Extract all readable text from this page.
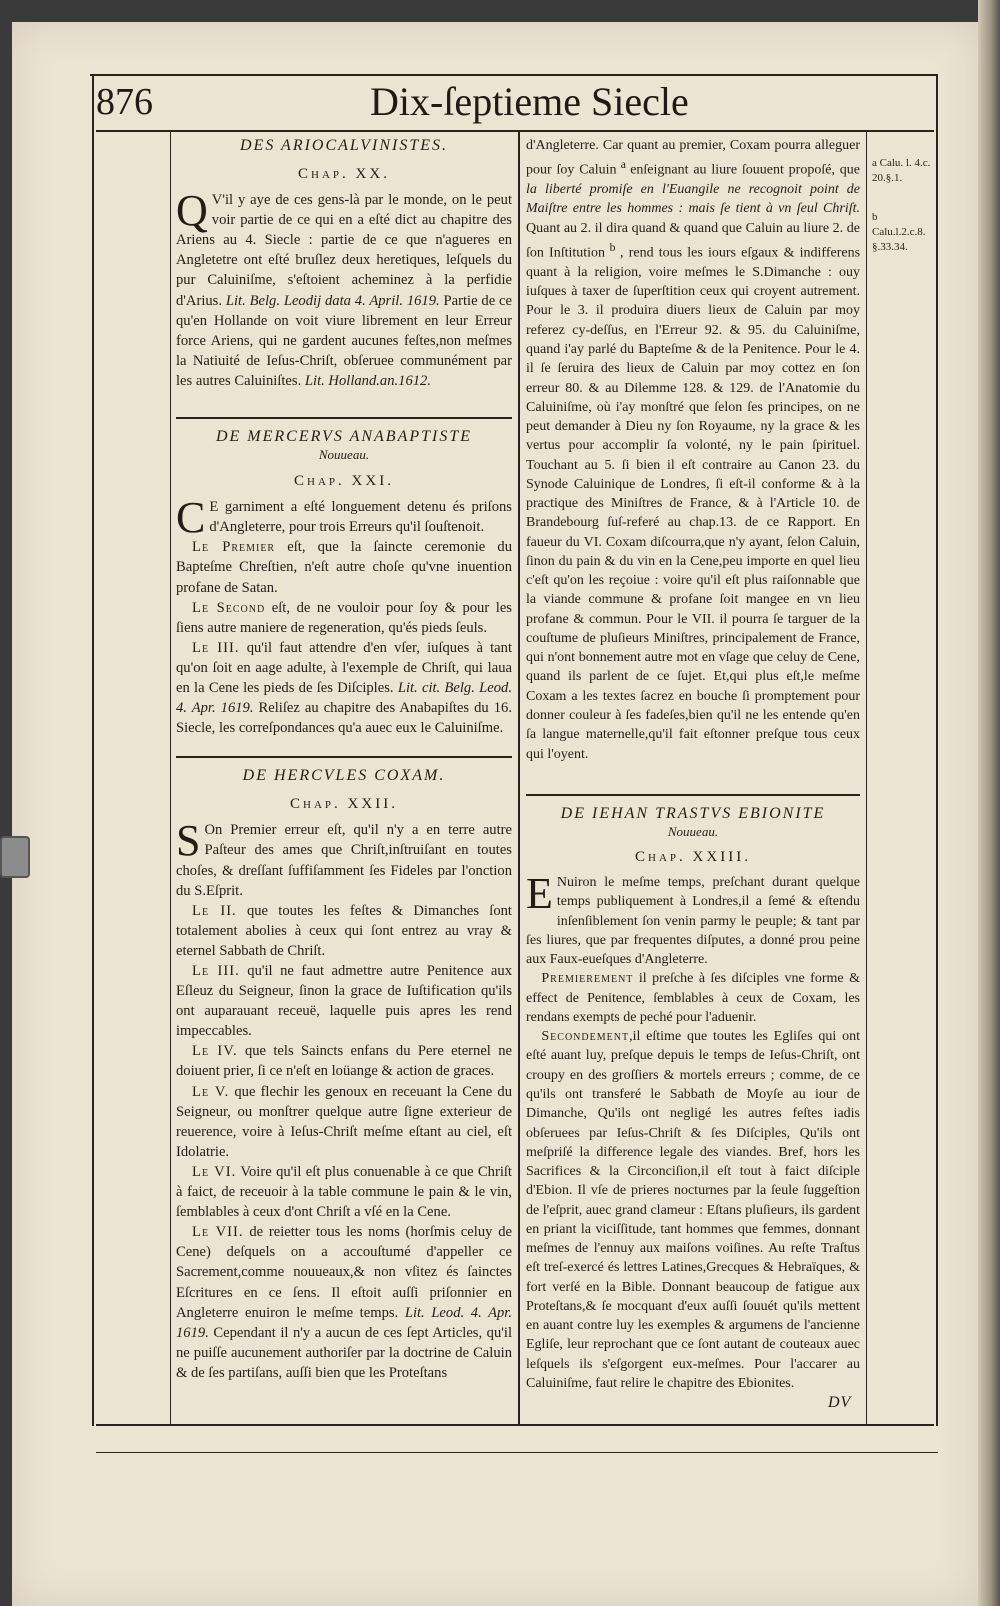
876	Dix-ſeptieme Siecle
DES ARIOCALVINISTES.
Chap. XX.

Q V'il y aye de ces gens-là par le monde, on le peut voir partie de ce qui en a eſté dict au chapitre des Ariens au 4. Siecle : partie de ce que n'agueres en Angletetre ont eſté bruſlez deux heretiques, leſquels du pur Caluiniſme, s'eſtoient acheminez à la perfidie d'Arius. Lit. Belg. Leodij data 4. April. 1619. Partie de ce qu'en Hollande on voit viure librement en leur Erreur force Ariens, qui ne gardent aucunes feſtes,non meſmes la Natiuité de Ieſus-Chriſt, obſeruee communément par les autres Caluiniſtes. Lit. Holland.an.1612.

DE MERCERVS ANABAPTISTE
Nouueau.
Chap. XXI.

C E garniment a eſté longuement detenu és priſons d'Angleterre, pour trois Erreurs qu'il ſouſtenoit.

Le Premier eſt, que la ſaincte ceremonie du Bapteſme Chreſtien, n'eſt autre choſe qu'vne inuention profane de Satan.

Le Second eſt, de ne vouloir pour ſoy & pour les ſiens autre maniere de regeneration, qu'és pieds ſeuls.

Le III. qu'il faut attendre d'en vſer, iuſques à tant qu'on ſoit en aage adulte, à l'exemple de Chriſt, qui laua en la Cene les pieds de ſes Diſciples. Lit. cit. Belg. Leod. 4. Apr. 1619. Reliſez au chapitre des Anabapiſtes du 16. Siecle, les correſpondances qu'a auec eux le Caluiniſme.

DE HERCVLES COXAM.
Chap. XXII.

S On Premier erreur eſt, qu'il n'y a en terre autre Paſteur des ames que Chriſt,inſtruiſant en toutes choſes, & dreſſant ſuffiſamment ſes Fideles par l'onction du S.Eſprit.

Le II. que toutes les feſtes & Dimanches ſont totalement abolies à ceux qui ſont entrez au vray & eternel Sabbath de Chriſt.

Le III. qu'il ne faut admettre autre Penitence aux Eſleuz du Seigneur, ſinon la grace de Iuſtification qu'ils ont auparauant receuë, laquelle puis apres les rend impeccables.

Le IV. que tels Saincts enfans du Pere eternel ne doiuent prier, ſi ce n'eſt en loüange & action de graces.

Le V. que flechir les genoux en receuant la Cene du Seigneur, ou monſtrer quelque autre ſigne exterieur de reuerence, voire à Ieſus-Chriſt meſme eſtant au ciel, eſt Idolatrie.

Le VI. Voire qu'il eſt plus conuenable à ce que Chriſt à faict, de receuoir à la table commune le pain & le vin, ſemblables à ceux d'ont Chriſt a vſé en la Cene.

Le VII. de reietter tous les noms (horſmis celuy de Cene) deſquels on a accouſtumé d'appeller ce Sacrement,comme nouueaux,& non vſitez és ſainctes Eſcritures en ce ſens. Il eſtoit auſſi priſonnier en Angleterre enuiron le meſme temps. Lit. Leod. 4. Apr. 1619. Cependant il n'y a aucun de ces ſept Articles, qu'il ne puiſſe aucunement authoriſer par la doctrine de Caluin & de ſes partiſans, auſſi bien que les Proteſtans

d'Angleterre. Car quant au premier, Coxam pourra alleguer pour ſoy Caluin $^a$ enſeignant au liure ſouuent propoſé, que la liberté promiſe en l'Euangile ne recognoit point de Maiſtre entre les hommes : mais ſe tient à vn ſeul Chriſt. Quant au 2. il dira quand & quand que Caluin au liure 2. de ſon Inſtitution $^b$ , rend tous les iours eſgaux & indifferens quant à la religion, voire meſmes le S.Dimanche : ouy iuſques à taxer de ſuperſtition ceux qui croyent autrement. Pour le 3. il produira diuers lieux de Caluin par moy referez cy-deſſus, en l'Erreur 92. & 95. du Caluiniſme, quand i'ay parlé du Bapteſme & de la Penitence. Pour le 4. il ſe ſeruira des lieux de Caluin par moy cottez en ſon erreur 80. & au Dilemme 128. & 129. de l'Anatomie du Caluiniſme, où i'ay monſtré que ſelon ſes principes, on ne peut demander à Dieu ny ſon Royaume, ny la grace & les vertus pour accomplir ſa volonté, ny le pain ſpirituel. Touchant au 5. ſi bien il eſt contraire au Canon 23. du Synode Caluinique de Londres, ſi eſt-il conforme & à la practique des Miniſtres de France, & à l'Article 10. de Brandebourg ſuſ-referé au chap.13. de ce Rapport. En faueur du VI. Coxam diſcourra,que n'y ayant, ſelon Caluin, ſinon du pain & du vin en la Cene,peu importe en quel lieu c'eſt qu'on les reçoiue : voire qu'il eſt plus raiſonnable que la viande commune & profane ſoit mangee en vn lieu profane & commun. Pour le VII. il pourra ſe targuer de la couſtume de pluſieurs Miniſtres, principalement de France, qui n'ont bonnement autre mot en vſage que celuy de Cene, quand ils parlent de ce ſujet. Et,qui plus eſt,le meſme Coxam a les textes ſacrez en bouche ſi promptement pour donner couleur à ſes fadeſes,bien qu'il ne les entende qu'en ſa langue maternelle,qu'il fait eſtonner preſque tous ceux qui l'oyent.

DE IEHAN TRASTVS EBIONITE
Nouueau.
Chap. XXIII.

E Nuiron le meſme temps, preſchant durant quelque temps publiquement à Londres,il a ſemé & eſtendu inſenſiblement ſon venin parmy le peuple; & tant par ſes liures, que par frequentes diſputes, a donné prou peine aux Faux-eueſques d'Angleterre.

Premierement il preſche à ſes diſciples vne forme & effect de Penitence, ſemblables à ceux de Coxam, les rendans exempts de peché pour l'aduenir.

Secondement,il eſtime que toutes les Egliſes qui ont eſté auant luy, preſque depuis le temps de Ieſus-Chriſt, ont croupy en des groſſiers & mortels erreurs ; comme, de ce qu'ils ont transferé le Sabbath de Moyſe au iour de Dimanche, Qu'ils ont negligé les autres feſtes iadis obſeruees par Ieſus-Chriſt & ſes Diſciples, Qu'ils ont meſpriſé la difference legale des viandes. Bref, hors les Sacrifices & la Circonciſion,il eſt tout à faict diſciple d'Ebion. Il vſe de prieres nocturnes par la ſeule ſuggeſtion de l'eſprit, auec grand clameur : Eſtans pluſieurs, ils gardent en priant la viciſſitude, tant hommes que femmes, donnant meſmes de l'ennuy aux maiſons voiſines. Au reſte Traſtus eſt treſ-exercé és lettres Latines,Grecques & Hebraïques, & fort verſé en la Bible. Donnant beaucoup de fatigue aux Proteſtans,& ſe mocquant d'eux auſſi ſouuét qu'ils mettent en auant contre luy les exemples & argumens de l'ancienne Egliſe, leur reprochant que ce ſont autant de couteaux auec leſquels ils s'eſgorgent eux-meſmes. Pour l'accarer au Caluiniſme, faut relire le chapitre des Ebionites.

a Calu. l. 4.c. 20.§.1.
b Calu.l.2.c.8. §.33.34.
DV
